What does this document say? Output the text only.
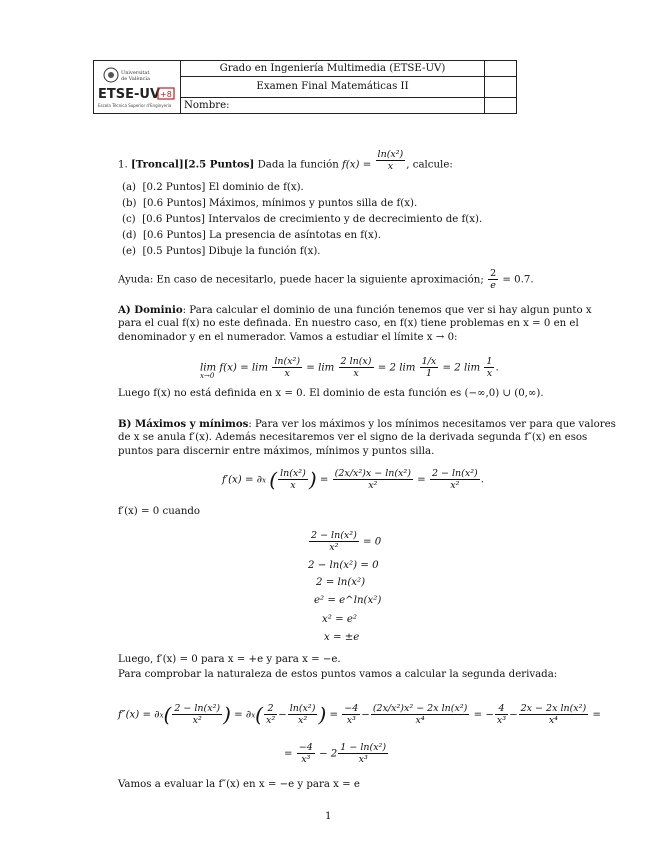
Universitat
de València
ETSE-UV +8
Escola Tècnica Superior d'Enginyeria
Grado en Ingeniería Multimedia (ETSE-UV)
Examen Final Matemáticas II
Nombre:
1. [Troncal][2.5 Puntos] Dada la función $f(x) = \frac{\text{ln(x²)}}{x}$ , calcule:
(a) [0.2 Puntos] El dominio de f(x).
(b) [0.6 Puntos] Máximos, mínimos y puntos silla de f(x).
(c) [0.6 Puntos] Intervalos de crecimiento y de decrecimiento de f(x).
(d) [0.6 Puntos] La presencia de asíntotas en f(x).
(e) [0.5 Puntos] Dibuje la función f(x).
Ayuda: En caso de necesitarlo, puede hacer la siguiente aproximación; $\frac{2}{e} = 0.7$.
A) Dominio: Para calcular el dominio de una función tenemos que ver si hay algun punto x
para el cual f(x) no este definada. En nuestro caso, en f(x) tiene problemas en x = 0 en el
denominador y en el numerador. Vamos a estudiar el límite x → 0:
$\lim f(x) = \lim \frac{\text{ln(x²)}}{x} = \lim \frac{2 \ln(x)}{x} = 2$ $\lim \frac{1/x}{1} = 2$ $\lim \frac{1}{x}$ .
x→0
Luego f(x) no está definida en x = 0. El dominio de esta función es (−∞,0) ∪ (0,∞).
B) Máximos y mínimos: Para ver los máximos y los mínimos necesitamos ver para que valores
de x se anula f′(x). Además necesitaremos ver el signo de la derivada segunda f″(x) en esos
puntos para discernir entre máximos, mínimos y puntos silla.
f′(x) = ∂x ( $\frac{\text{ln(x²)}}{x}$ ) = $\frac{\text{(2x/x²)x − ln(x²)}}{\text{x²}} = \frac{\text{2 − ln(x²)}}{\text{x²}}$ .
f′(x) = 0 cuando
$\frac{\text{2 − ln(x²)}}{\text{x²}} = 0$
2 − ln(x²) = 0
2 = ln(x²)
e² = e^ln(x²)
x² = e²
x = ±e
Luego, f′(x) = 0 para x = +e y para x = −e.
Para comprobar la naturaleza de estos puntos vamos a calcular la segunda derivada:
$f''(x) = \partial x( \frac{\text{2 − ln(x²)}}{\text{x²}}$ ) = $\partial x( \frac{2}{\text{x²}} - \frac{\text{ln(x²)}}{\text{x²}}$ ) = $\frac{-4}{\text{x³}} - \frac{\text{(2x/x²)x² − 2x ln(x²)}}{\text{x⁴}}$ = − $\frac{4}{\text{x³}} - \frac{\text{2x − 2x ln(x²)}}{\text{x⁴}}$ =
= $\frac{-4}{\text{x³}} - 2 \frac{\text{1 − ln(x²)}}{\text{x³}}$
Vamos a evaluar la f″(x) en x = −e y para x = e
1
